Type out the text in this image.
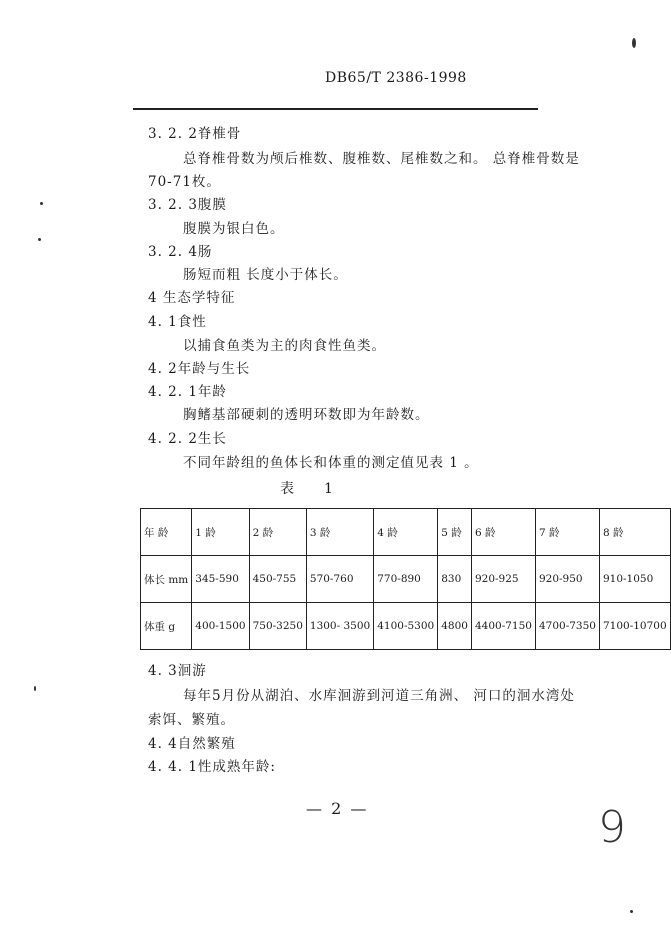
DB65/T 2386-1998
3. 2. 2脊椎骨
总脊椎骨数为颅后椎数、腹椎数、尾椎数之和。 总脊椎骨数是
70-71枚。
3. 2. 3腹膜
腹膜为银白色。
3. 2. 4肠
肠短而粗 长度小于体长。
4 生态学特征
4. 1食性
以捕食鱼类为主的肉食性鱼类。
4. 2年龄与生长
4. 2. 1年龄
胸鳍基部硬刺的透明环数即为年龄数。
4. 2. 2生长
不同年龄组的鱼体长和体重的测定值见表 1 。
表 1
年 龄	1 龄	2 龄	3 龄	4 龄	5 龄	6 龄	7 龄	8 龄
体长 mm	345-590	450-755	570-760	770-890	830	920-925	920-950	910-1050
体重 g	400-1500	750-3250	1300- 3500	4100-5300	4800	4400-7150	4700-7350	7100-10700
4. 3洄游
每年5月份从湖泊、水库洄游到河道三角洲、 河口的洄水湾处
索饵、繁殖。
4. 4自然繁殖
4. 4. 1性成熟年龄:
— 2 —	9
